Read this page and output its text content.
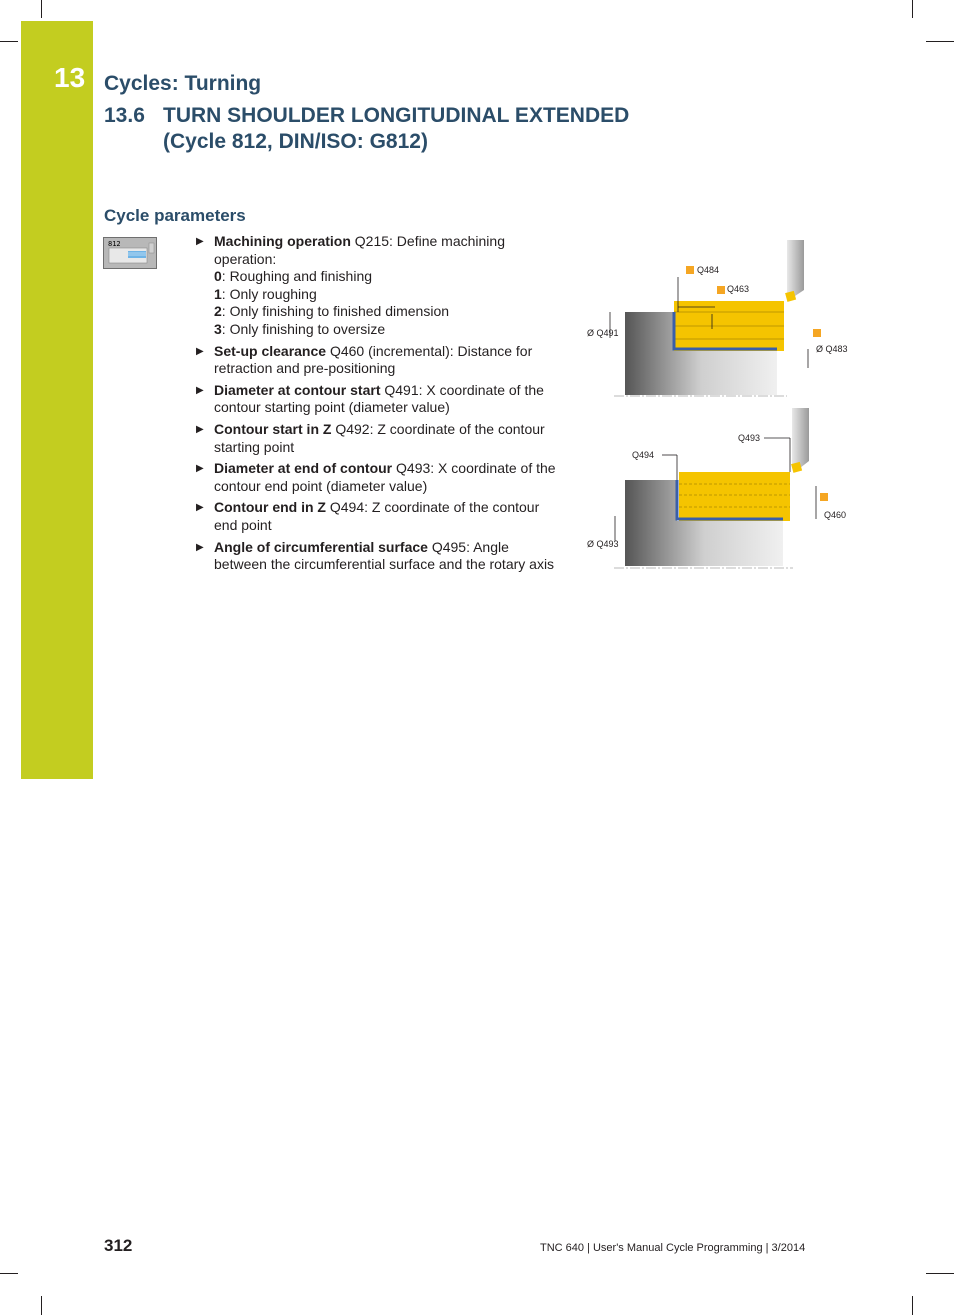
13 Cycles: Turning
13.6 TURN SHOULDER LONGITUDINAL EXTENDED
(Cycle 812, DIN/ISO: G812)
Cycle parameters
812	▶ Machining operation Q215: Define machining operation:
0: Roughing and finishing
1: Only roughing
2: Only finishing to finished dimension
3: Only finishing to oversize
▶ Set-up clearance Q460 (incremental): Distance for retraction and pre-positioning
▶ Diameter at contour start Q491: X coordinate of the contour starting point (diameter value)
▶ Contour start in Z Q492: Z coordinate of the contour starting point
▶ Diameter at end of contour Q493: X coordinate of the contour end point (diameter value)
▶ Contour end in Z Q494: Z coordinate of the contour end point
▶ Angle of circumferential surface Q495: Angle between the circumferential surface and the rotary axis
Q484
Q463
Ø Q491
Ø Q483
Q493
Q494
Q460
Ø Q493
312	TNC 640 | User's Manual Cycle Programming | 3/2014
